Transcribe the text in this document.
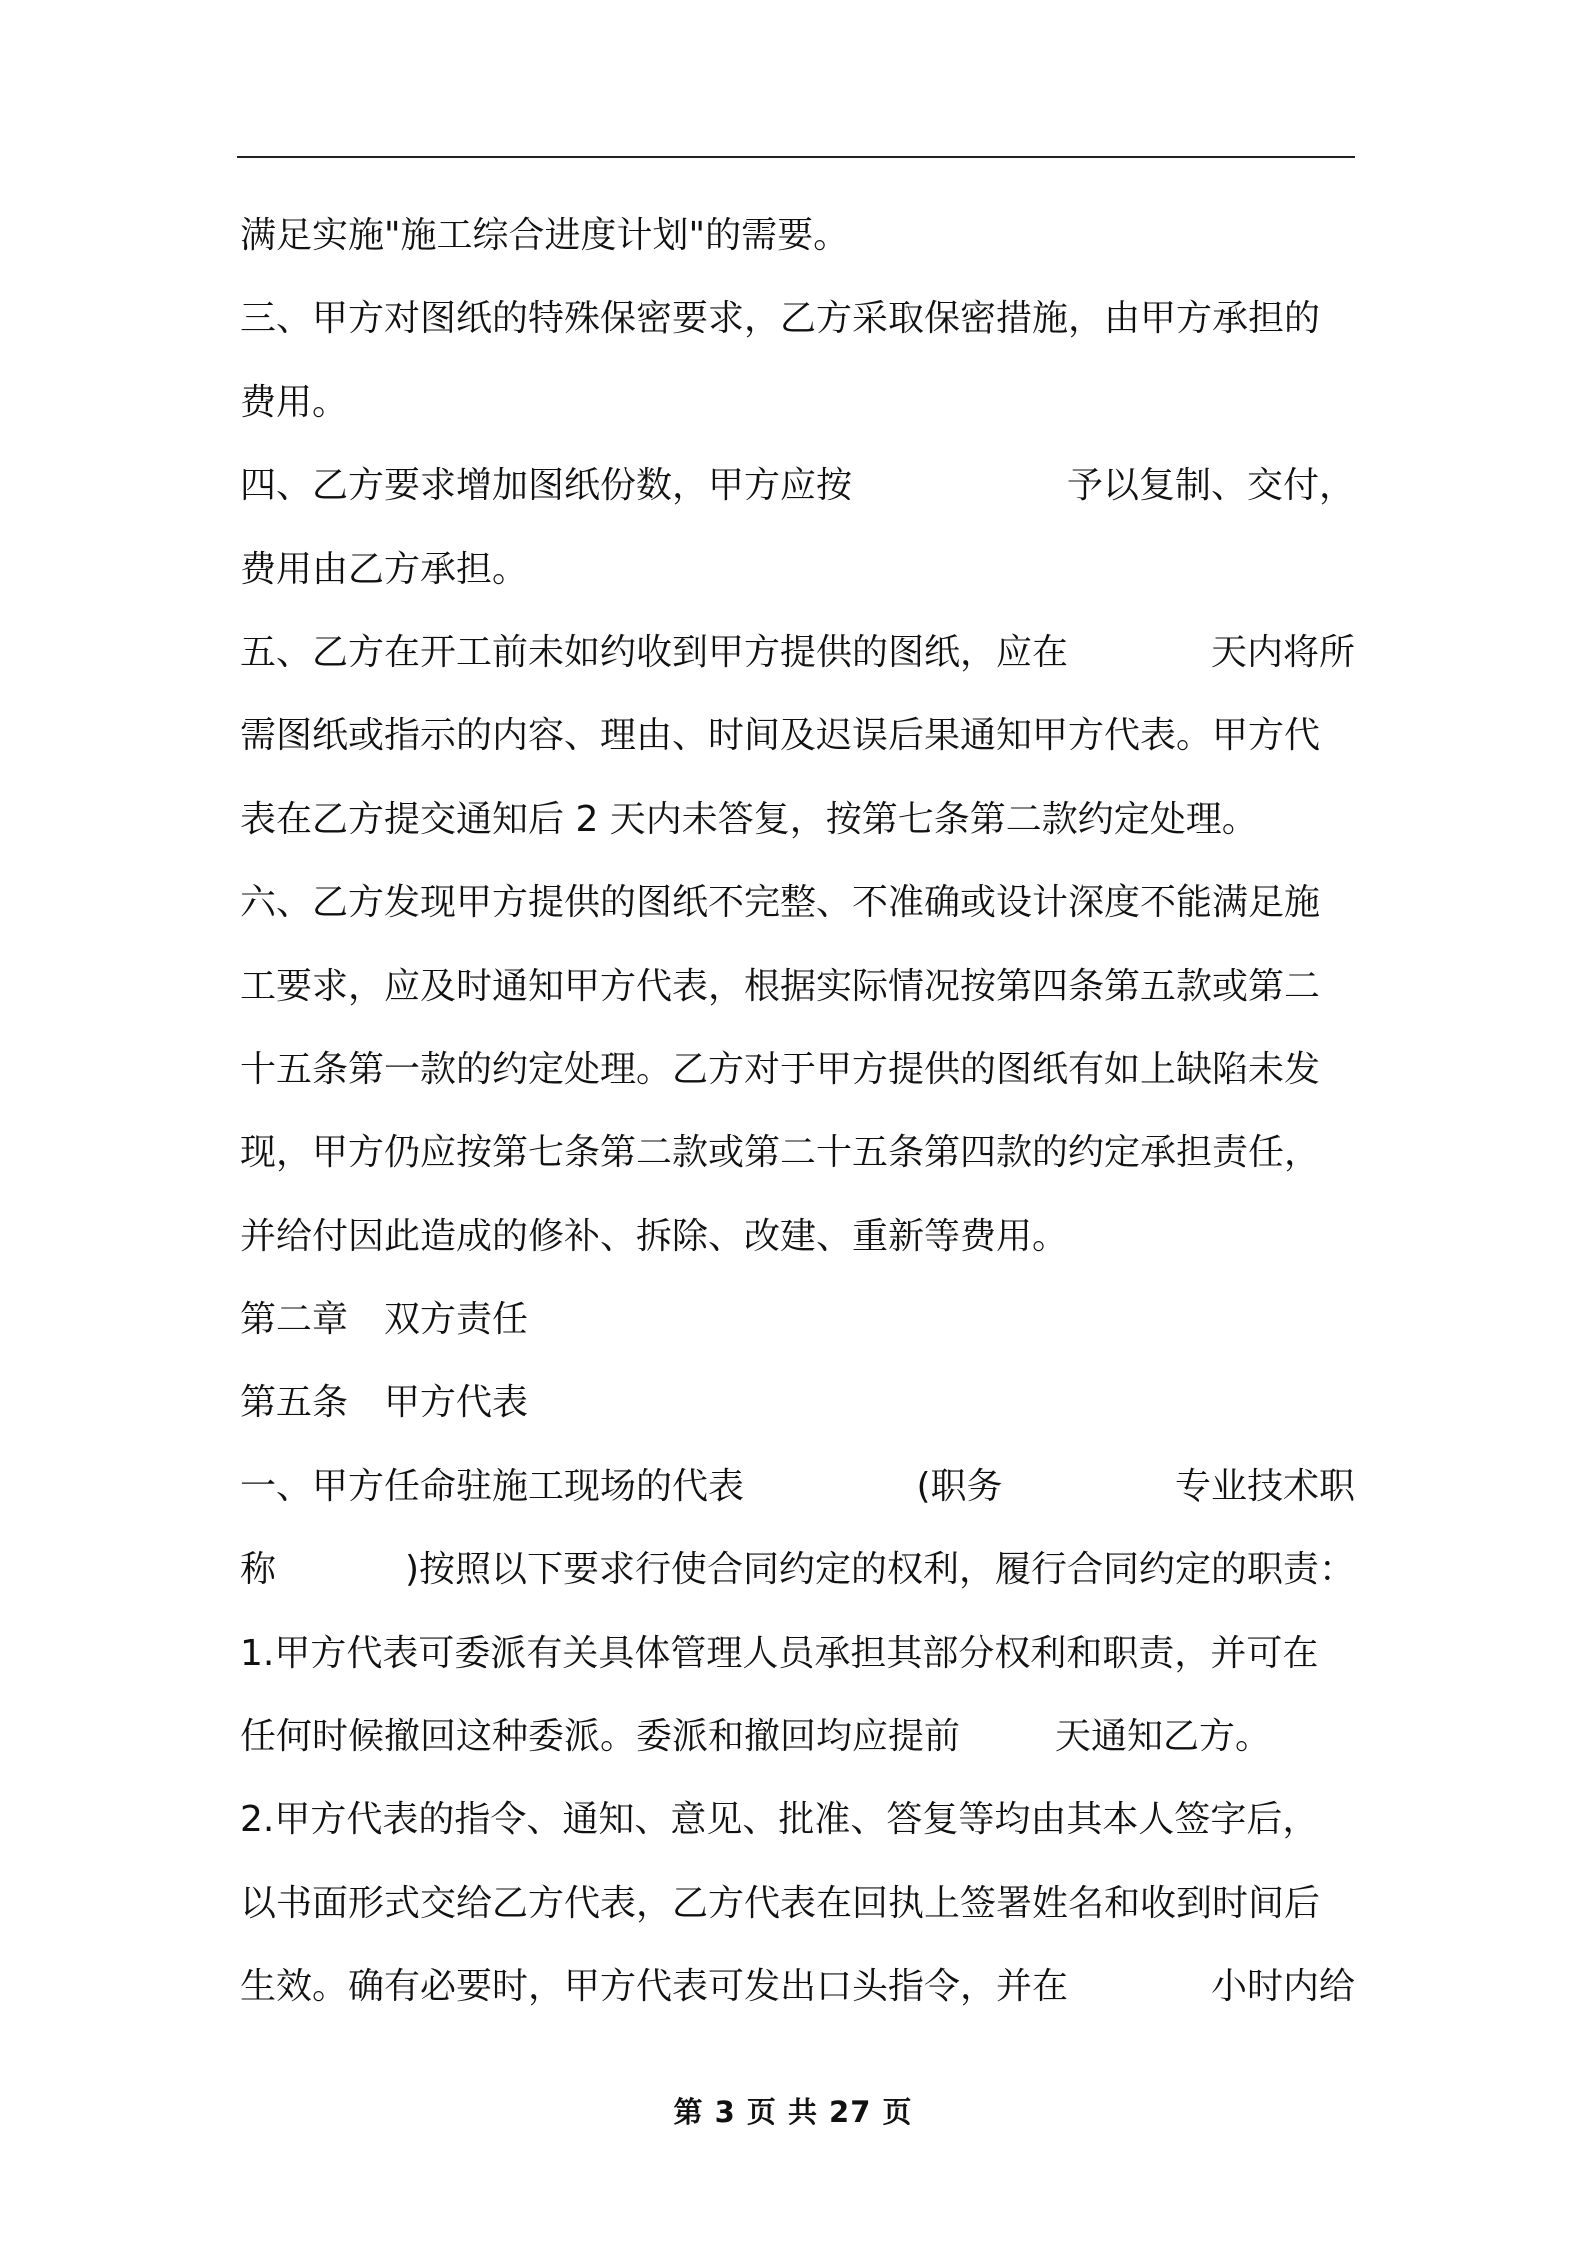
满足实施"施工综合进度计划"的需要。
三、甲方对图纸的特殊保密要求，乙方采取保密措施，由甲方承担的
费用。
四、乙方要求增加图纸份数，甲方应按	予以复制、交付，
费用由乙方承担。
五、乙方在开工前未如约收到甲方提供的图纸，应在	天内将所
需图纸或指示的内容、理由、时间及迟误后果通知甲方代表。甲方代
表在乙方提交通知后 2 天内未答复，按第七条第二款约定处理。
六、乙方发现甲方提供的图纸不完整、不准确或设计深度不能满足施
工要求，应及时通知甲方代表，根据实际情况按第四条第五款或第二
十五条第一款的约定处理。乙方对于甲方提供的图纸有如上缺陷未发
现，甲方仍应按第七条第二款或第二十五条第四款的约定承担责任，
并给付因此造成的修补、拆除、改建、重新等费用。
第二章　双方责任
第五条　甲方代表
一、甲方任命驻施工现场的代表	(职务	专业技术职
称	)按照以下要求行使合同约定的权利，履行合同约定的职责：
1.甲方代表可委派有关具体管理人员承担其部分权利和职责，并可在
任何时候撤回这种委派。委派和撤回均应提前	天通知乙方。
2.甲方代表的指令、通知、意见、批准、答复等均由其本人签字后，
以书面形式交给乙方代表，乙方代表在回执上签署姓名和收到时间后
生效。确有必要时，甲方代表可发出口头指令，并在	小时内给
第 3 页 共 27 页
